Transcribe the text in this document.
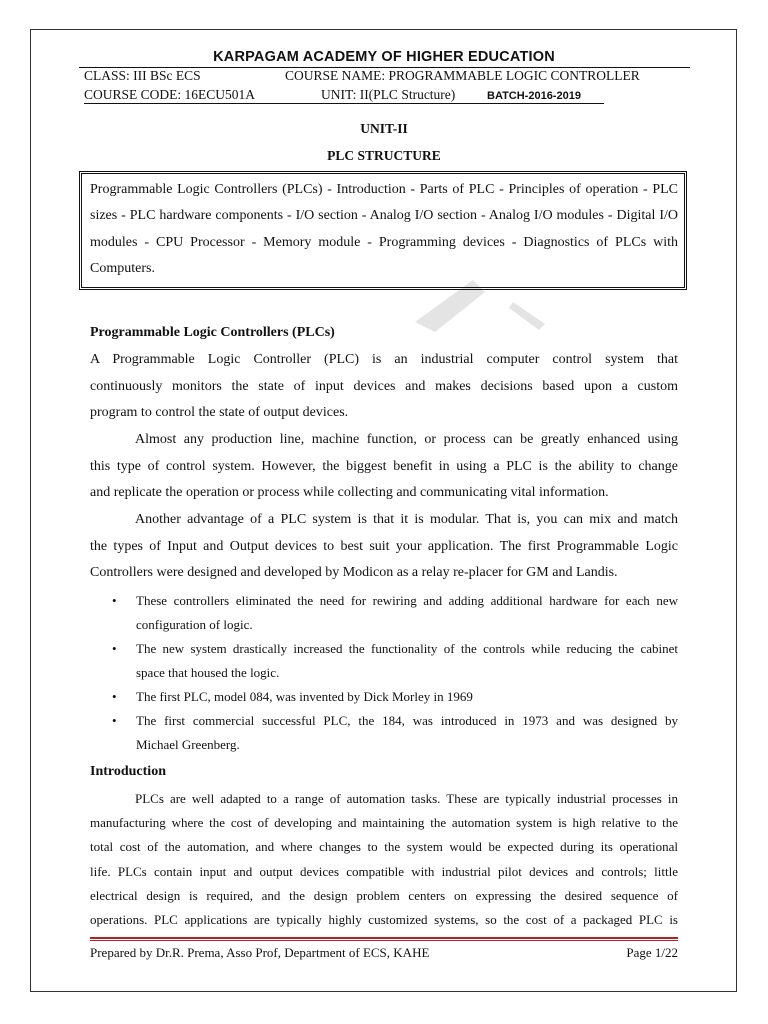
KARPAGAM ACADEMY OF HIGHER EDUCATION
CLASS: III BSc ECS	COURSE NAME: PROGRAMMABLE LOGIC CONTROLLER
COURSE CODE: 16ECU501A	UNIT: II(PLC Structure)	BATCH-2016-2019
UNIT-II
PLC STRUCTURE
Programmable Logic Controllers (PLCs) - Introduction - Parts of PLC - Principles of operation - PLC sizes - PLC hardware components - I/O section - Analog I/O section - Analog I/O modules - Digital I/O modules - CPU Processor - Memory module - Programming devices - Diagnostics of PLCs with Computers.
Programmable Logic Controllers (PLCs)
A Programmable Logic Controller (PLC) is an industrial computer control system that
continuously monitors the state of input devices and makes decisions based upon a custom
program to control the state of output devices.
Almost any production line, machine function, or process can be greatly enhanced using
this type of control system. However, the biggest benefit in using a PLC is the ability to change
and replicate the operation or process while collecting and communicating vital information.
Another advantage of a PLC system is that it is modular. That is, you can mix and match
the types of Input and Output devices to best suit your application. The first Programmable Logic
Controllers were designed and developed by Modicon as a relay re-placer for GM and Landis.
• These controllers eliminated the need for rewiring and adding additional hardware for each new
configuration of logic.
• The new system drastically increased the functionality of the controls while reducing the cabinet
space that housed the logic.
• The first PLC, model 084, was invented by Dick Morley in 1969
• The first commercial successful PLC, the 184, was introduced in 1973 and was designed by
Michael Greenberg.
Introduction
PLCs are well adapted to a range of automation tasks. These are typically industrial processes in
manufacturing where the cost of developing and maintaining the automation system is high relative to the
total cost of the automation, and where changes to the system would be expected during its operational
life. PLCs contain input and output devices compatible with industrial pilot devices and controls; little
electrical design is required, and the design problem centers on expressing the desired sequence of
operations. PLC applications are typically highly customized systems, so the cost of a packaged PLC is
Prepared by Dr.R. Prema, Asso Prof, Department of ECS, KAHE	Page 1/22
